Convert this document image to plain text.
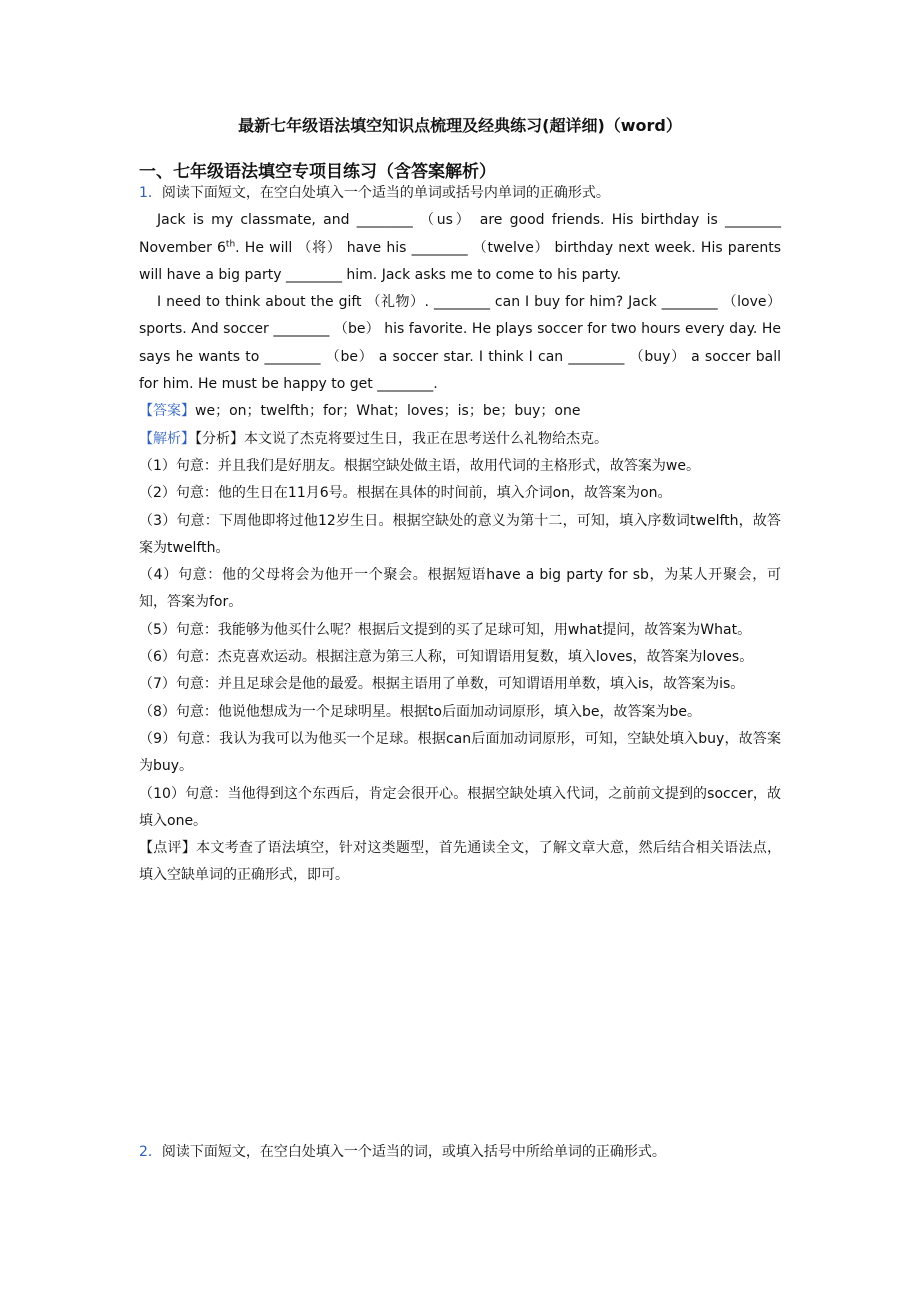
最新七年级语法填空知识点梳理及经典练习(超详细)（word）
一、七年级语法填空专项目练习（含答案解析）

1．阅读下面短文，在空白处填入一个适当的单词或括号内单词的正确形式。

Jack is my classmate, and ________ （us） are good friends. His birthday is ________ November 6th. He will （将） have his ________ （twelve） birthday next week. His parents will have a big party ________ him. Jack asks me to come to his party.

I need to think about the gift （礼物）. ________ can I buy for him? Jack ________ （love） sports. And soccer ________ （be） his favorite. He plays soccer for two hours every day. He says he wants to ________ （be） a soccer star. I think I can ________ （buy） a soccer ball for him. He must be happy to get ________.

【答案】we；on；twelfth；for；What；loves；is；be；buy；one

【解析】【分析】本文说了杰克将要过生日，我正在思考送什么礼物给杰克。

（1）句意：并且我们是好朋友。根据空缺处做主语，故用代词的主格形式，故答案为we。

（2）句意：他的生日在11月6号。根据在具体的时间前，填入介词on，故答案为on。

（3）句意：下周他即将过他12岁生日。根据空缺处的意义为第十二，可知，填入序数词twelfth，故答案为twelfth。

（4）句意：他的父母将会为他开一个聚会。根据短语have a big party for sb，为某人开聚会，可知，答案为for。

（5）句意：我能够为他买什么呢？根据后文提到的买了足球可知，用what提问，故答案为What。

（6）句意：杰克喜欢运动。根据注意为第三人称，可知谓语用复数，填入loves，故答案为loves。

（7）句意：并且足球会是他的最爱。根据主语用了单数，可知谓语用单数，填入is，故答案为is。

（8）句意：他说他想成为一个足球明星。根据to后面加动词原形，填入be，故答案为be。

（9）句意：我认为我可以为他买一个足球。根据can后面加动词原形，可知，空缺处填入buy，故答案为buy。

（10）句意：当他得到这个东西后，肯定会很开心。根据空缺处填入代词，之前前文提到的soccer，故填入one。

【点评】本文考查了语法填空，针对这类题型，首先通读全文，了解文章大意，然后结合相关语法点，填入空缺单词的正确形式，即可。

2．阅读下面短文，在空白处填入一个适当的词，或填入括号中所给单词的正确形式。
